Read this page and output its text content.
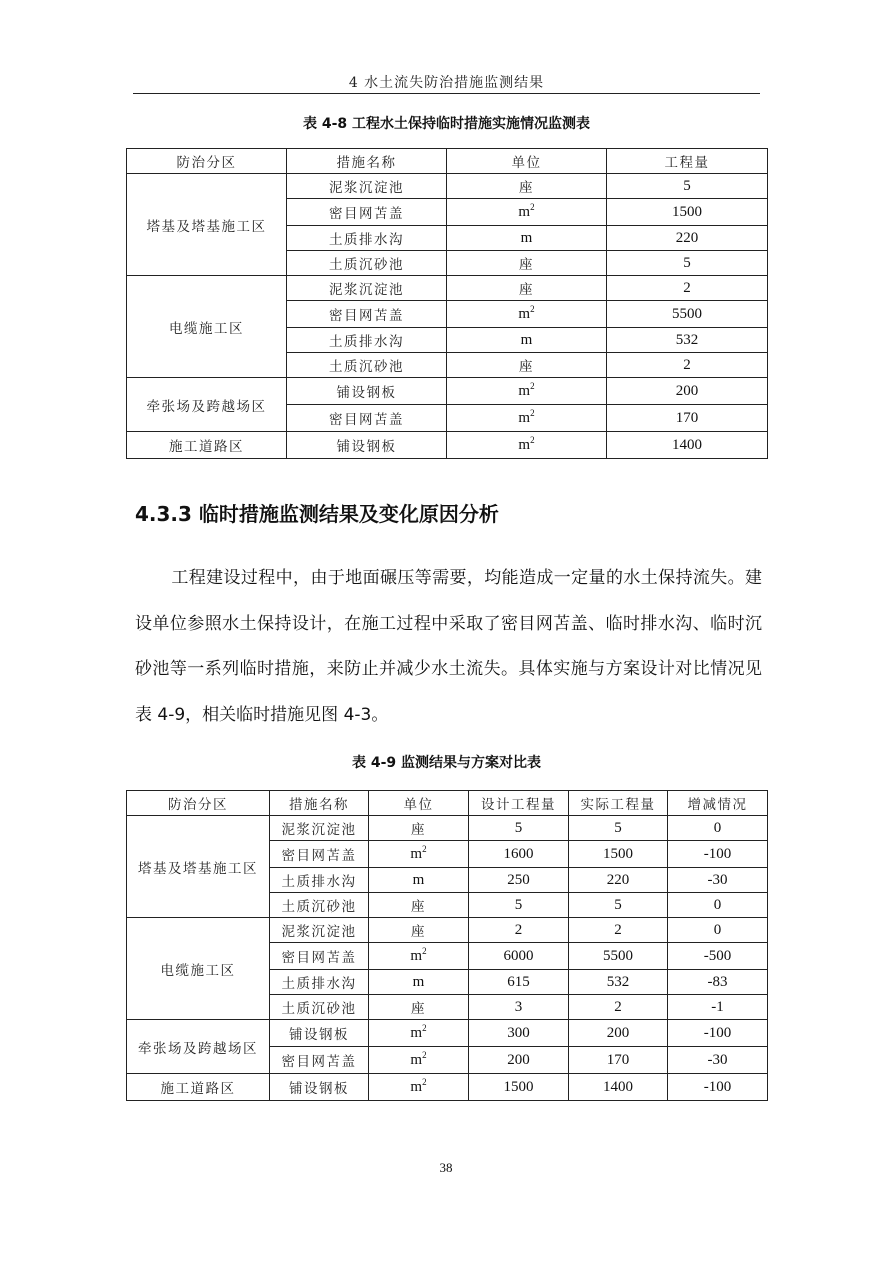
4 水土流失防治措施监测结果
表 4-8 工程水土保持临时措施实施情况监测表
防治分区	措施名称	单位	工程量
塔基及塔基施工区	泥浆沉淀池	座	5
	密目网苫盖	$m^2$	1500
	土质排水沟	m	220
	土质沉砂池	座	5
电缆施工区	泥浆沉淀池	座	2
	密目网苫盖	$m^2$	5500
	土质排水沟	m	532
	土质沉砂池	座	2
牵张场及跨越场区	铺设钢板	$m^2$	200
	密目网苫盖	$m^2$	170
施工道路区	铺设钢板	$m^2$	1400
4.3.3 临时措施监测结果及变化原因分析
工程建设过程中，由于地面碾压等需要，均能造成一定量的水土保持流失。建设单位参照水土保持设计，在施工过程中采取了密目网苫盖、临时排水沟、临时沉砂池等一系列临时措施，来防止并减少水土流失。具体实施与方案设计对比情况见表 4-9，相关临时措施见图 4-3。
表 4-9 监测结果与方案对比表
防治分区	措施名称	单位	设计工程量	实际工程量	增减情况
塔基及塔基施工区	泥浆沉淀池	座	5	5	0
	密目网苫盖	$m^2$	1600	1500	-100
	土质排水沟	m	250	220	-30
	土质沉砂池	座	5	5	0
电缆施工区	泥浆沉淀池	座	2	2	0
	密目网苫盖	$m^2$	6000	5500	-500
	土质排水沟	m	615	532	-83
	土质沉砂池	座	3	2	-1
牵张场及跨越场区	铺设钢板	$m^2$	300	200	-100
	密目网苫盖	$m^2$	200	170	-30
施工道路区	铺设钢板	$m^2$	1500	1400	-100
38
